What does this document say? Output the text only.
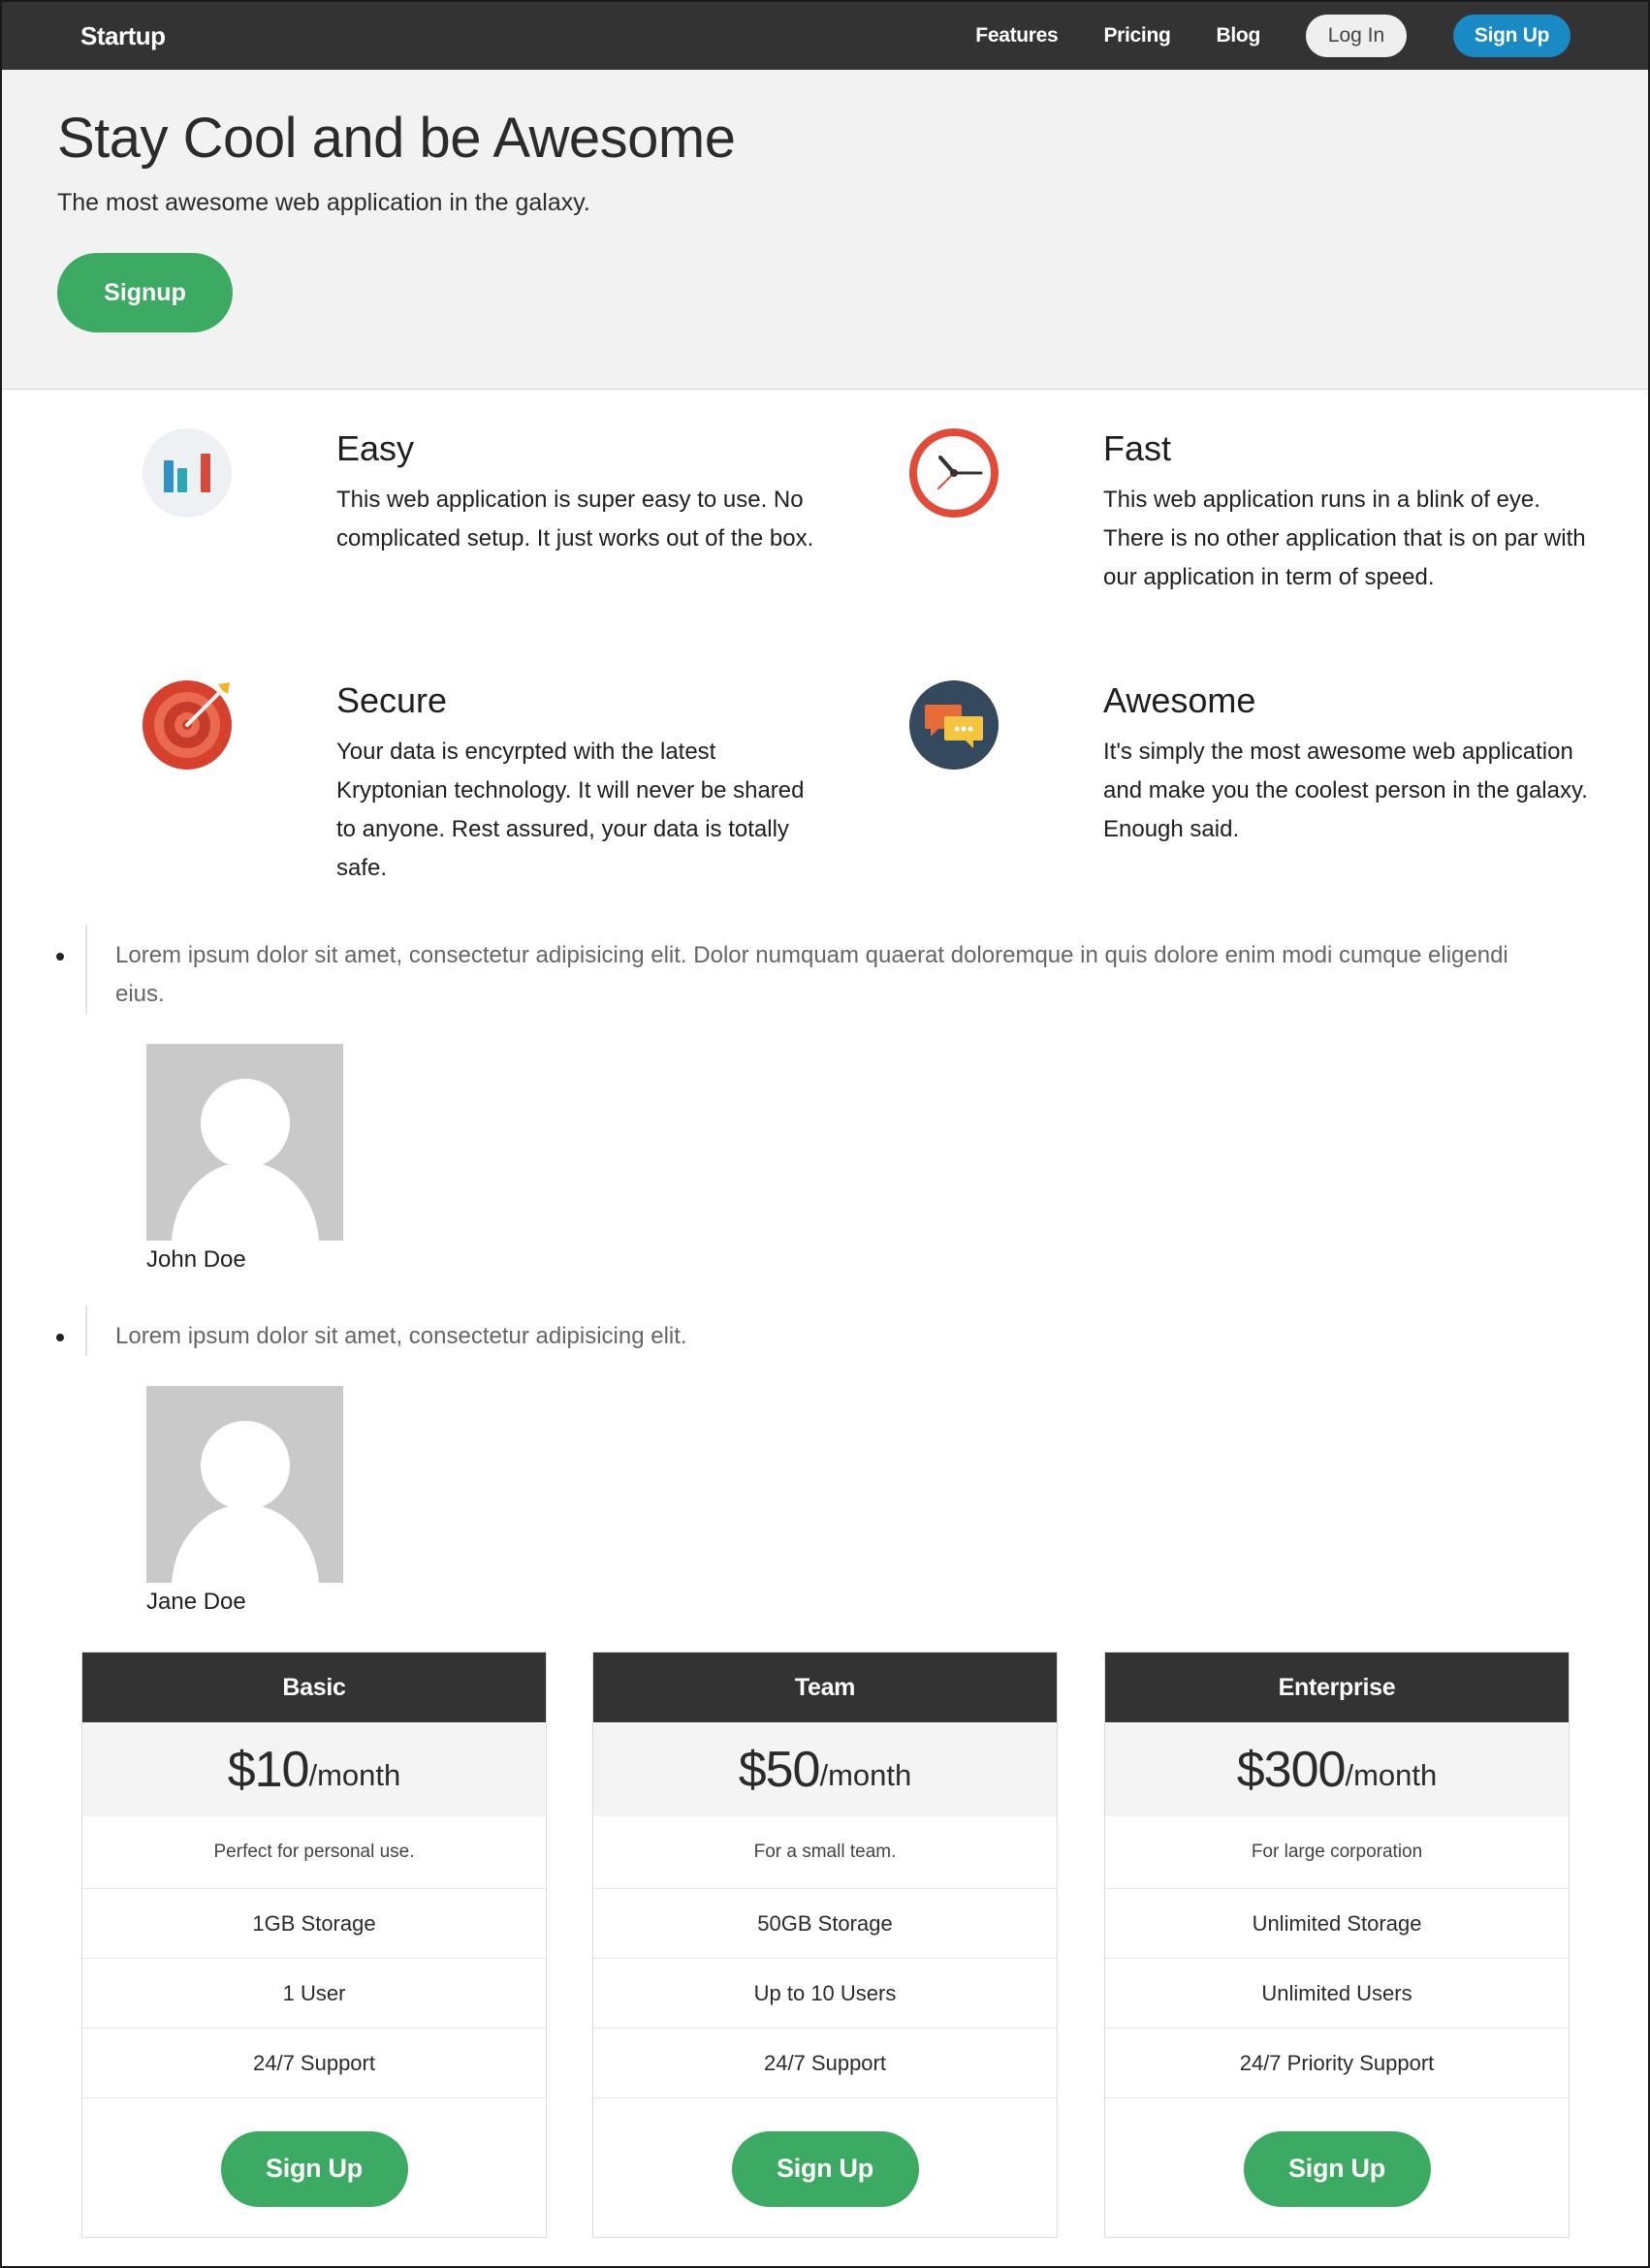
Startup	Features Pricing Blog	Log In	Sign Up
Stay Cool and be Awesome

The most awesome web application in the galaxy.

Signup
Easy
This web application is super easy to use. No complicated setup. It just works out of the box.
Fast
This web application runs in a blink of eye. There is no other application that is on par with our application in term of speed.
Secure
Your data is encyrpted with the latest Kryptonian technology. It will never be shared to anyone. Rest assured, your data is totally safe.
Awesome
It's simply the most awesome web application and make you the coolest person in the galaxy. Enough said.

Lorem ipsum dolor sit amet, consectetur adipisicing elit. Dolor numquam quaerat doloremque in quis dolore enim modi cumque eligendi eius.

John Doe

Lorem ipsum dolor sit amet, consectetur adipisicing elit.

Jane Doe
Basic
$10 /month
Perfect for personal use.
1GB Storage
1 User
24/7 Support
Sign Up
Team
$50 /month
For a small team.
50GB Storage
Up to 10 Users
24/7 Support
Sign Up
Enterprise
$300 /month
For large corporation
Unlimited Storage
Unlimited Users
24/7 Priority Support
Sign Up
